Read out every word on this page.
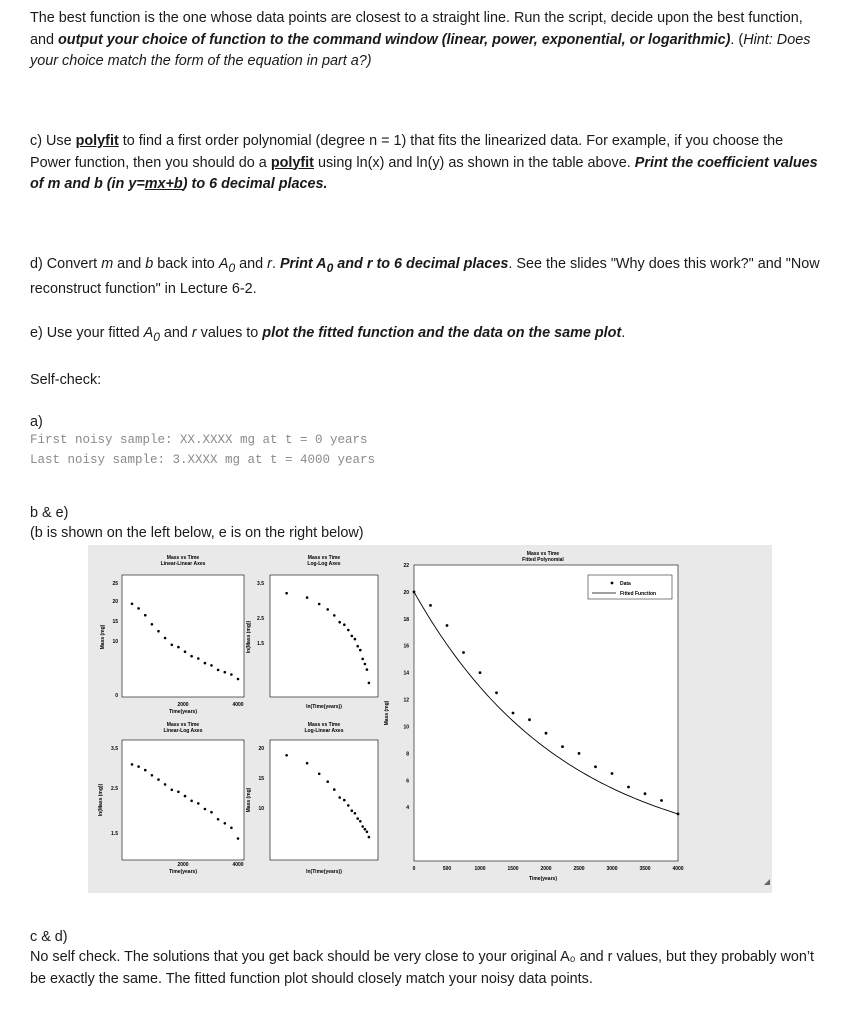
The best function is the one whose data points are closest to a straight line. Run the script, decide upon the best function, and output your choice of function to the command window (linear, power, exponential, or logarithmic). (Hint: Does your choice match the form of the equation in part a?)
c) Use polyfit to find a first order polynomial (degree n = 1) that fits the linearized data. For example, if you choose the Power function, then you should do a polyfit using ln(x) and ln(y) as shown in the table above. Print the coefficient values of m and b (in y=mx+b) to 6 decimal places.
d) Convert m and b back into $A_0$ and r. Print $A_0$ and r to 6 decimal places. See the slides "Why does this work?" and "Now reconstruct function" in Lecture 6-2.
e) Use your fitted $A_0$ and r values to plot the fitted function and the data on the same plot.
Self-check:
a)
First noisy sample: XX.XXXX mg at t = 0 years
Last noisy sample: 3.XXXX mg at t = 4000 years
b & e)
(b is shown on the left below, e is on the right below)
Mass vs Time
Linear-Linear Axes
2000	4000
0
25
20
15
10
Time(years)
Mass (mg)
Mass vs Time
Log-Log Axes
3.5
2.5
1.5
ln(Time(years))
ln(Mass (mg))
Mass vs Time
Linear-Log Axes
3.5
2.5
1.5
2000	4000
Time(years)
ln(Mass (mg))
Mass vs Time
Log-Linear Axes
20
15
10
ln(Time(years))
Mass (mg)
Mass vs Time
Fitted Polynomial
0	500	1000	1500	2000	2500	3000	3500	4000
4
6
8
10
12
14
16
18
20
22
Time(years)
Mass (mg)
Data
Fitted Function
c & d)
No self check. The solutions that you get back should be very close to your original A₀ and r values, but they probably won’t be exactly the same. The fitted function plot should closely match your noisy data points.
